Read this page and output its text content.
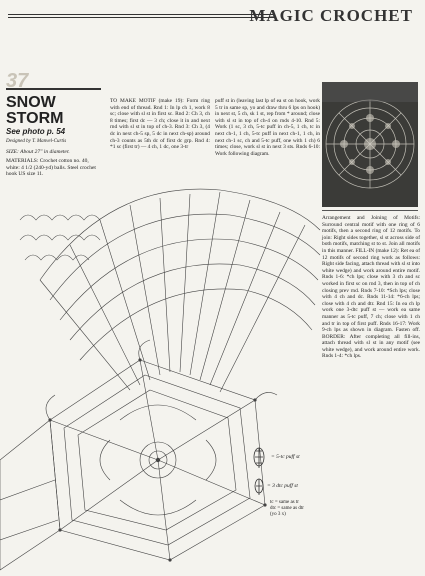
MAGIC CROCHET
37
SNOW
STORM
See photo p. 54
Designed by T. Manvel-Curtis
SIZE: About 27" in diameter.
MATERIALS: Crochet cotton no. 40, white: 4 1/2 (240-yd) balls. Steel crochet hook US size 11.
TO MAKE MOTIF (make 19): Form ring with end of thread. Rnd 1: In lp ch 1, work 8 sc; close with sl st in first sc. Rnd 2: Ch 3, ch 8 times; first dc — 3 ch; close it in and next rnd with sl st in top of ch-3. Rnd 3: Ch 3, (4 dc in next ch-5 sp, 5 dc in next ch-sp) around ch-3 counts as 5th dc of first dc grp. Rnd 4: *1 sc (first tr) — 4 ch, 1 dc, one 3-tr
puff st in (leaving last lp of ea st on hook, work 5 tr in same sp, yo and draw thru 6 lps on hook) in next st, 5 ch, sk 1 st, rep from * around; close with sl st in top of ch-4 on rnds 4-10. Rnd 5: Work (1 sc, 3 ch, 5-tc puff in ch-5, 1 ch, tc in next ch-1, 1 ch, 5-tc puff in next ch-1, 1 ch, in next ch-1 sc, ch and 5-tc puff, one with 1 ch) 6 times; close, work sl st in next 3 sts. Rnds 6-10: Work following diagram.
Arrangement and Joining of Motifs: Surround central motif with one ring of 6 motifs, then a second ring of 12 motifs. To join: Right sides together, sl st across side of both motifs, matching st to st. Join all motifs in this manner. FILL-IN (make 12): Ret ea of 12 motifs of second ring work as follows: Right side facing, attach thread with sl st into white wedge) and work around entire motif. Rnds 1-6: *ch lps; close with 3 ch and sc worked in first sc on rnd 3, then in top of ch closing prev rnd. Rnds 7-10: *Sch lps; close with 4 ch and dc. Rnds 11-14: *6-ch lps; close with 4 ch and dtr. Rnd 15: In ea ch lp work one 3-dtc puff st — work ea same manner as 5-tc puff, 7 ch; close with 1 ch and tr in top of first puff. Rnds 16-17: Work 9-ch lps as shown in diagram. Fasten off. BORDER: After completing all fill-ins, attach thread with sl st in any motif (see white wedge), and work around entire work. Rnds 1-4: *ch lps.
= 5-tc puff st
= 3 dtc puff st
tc = same as tr
dtc = same as dtr
(yo 3 x)
